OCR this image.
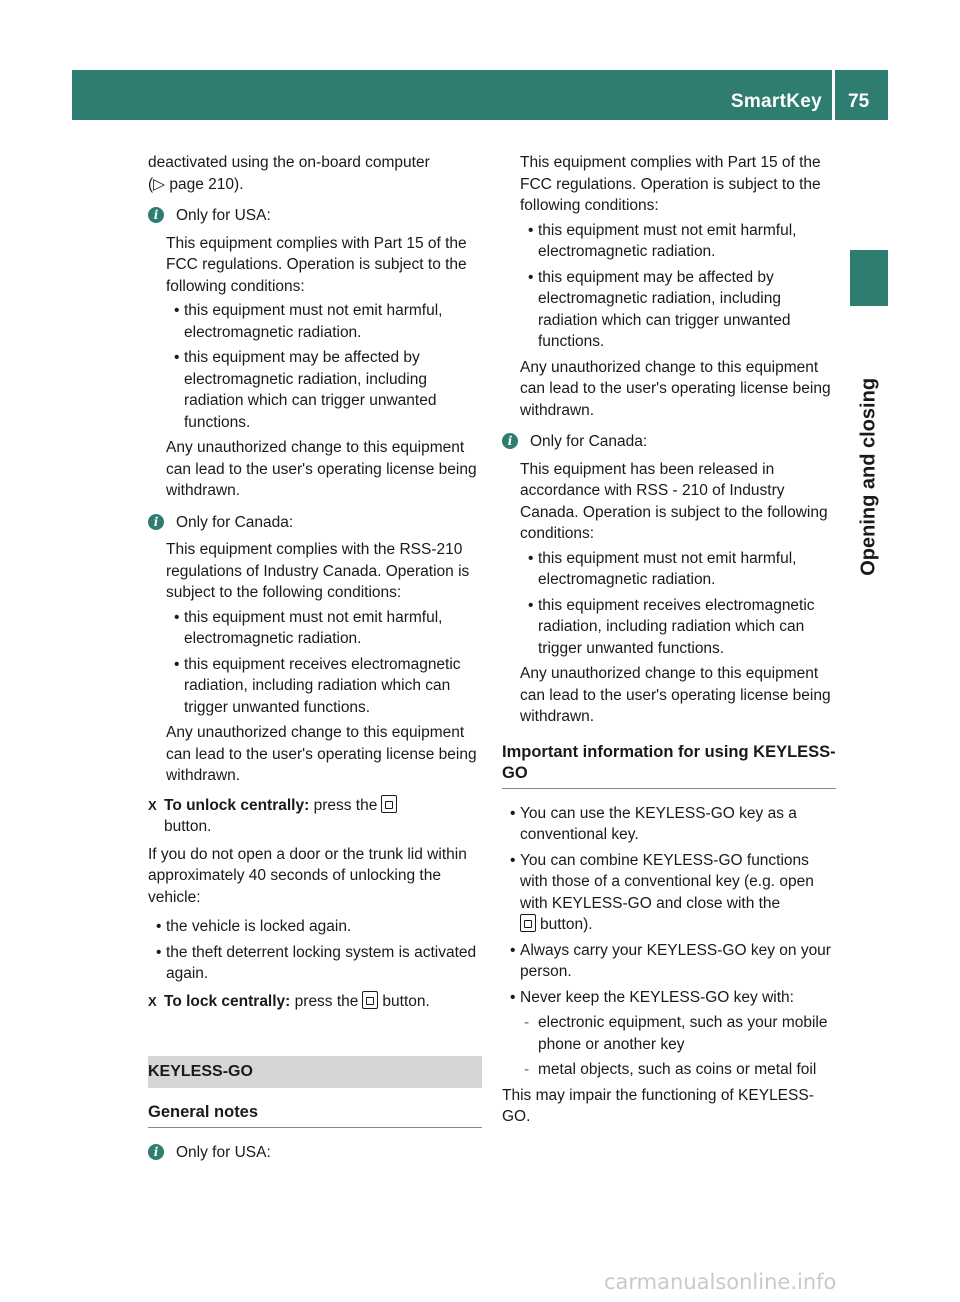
SmartKey 75
Opening and closing

deactivated using the on-board computer
(▷ page 210).

i	Only for USA:

This equipment complies with Part 15 of the FCC regulations. Operation is subject to the following conditions:

• this equipment must not emit harmful, electromagnetic radiation.
• this equipment may be affected by electromagnetic radiation, including radiation which can trigger unwanted functions.

Any unauthorized change to this equipment can lead to the user's operating license being withdrawn.

i	Only for Canada:

This equipment complies with the RSS-210 regulations of Industry Canada. Operation is subject to the following conditions:

• this equipment must not emit harmful, electromagnetic radiation.
• this equipment receives electromagnetic radiation, including radiation which can trigger unwanted functions.

Any unauthorized change to this equipment can lead to the user's operating license being withdrawn.

X To unlock centrally: press the
button.

If you do not open a door or the trunk lid within approximately 40 seconds of unlocking the vehicle:

• the vehicle is locked again.
• the theft deterrent locking system is activated again.
X To lock centrally: press the button.
KEYLESS-GO
General notes
i	Only for USA:

This equipment complies with Part 15 of the FCC regulations. Operation is subject to the following conditions:

• this equipment must not emit harmful, electromagnetic radiation.
• this equipment may be affected by electromagnetic radiation, including radiation which can trigger unwanted functions.

Any unauthorized change to this equipment can lead to the user's operating license being withdrawn.

i	Only for Canada:

This equipment has been released in accordance with RSS - 210 of Industry Canada. Operation is subject to the following conditions:

• this equipment must not emit harmful, electromagnetic radiation.
• this equipment receives electromagnetic radiation, including radiation which can trigger unwanted functions.

Any unauthorized change to this equipment can lead to the user's operating license being withdrawn.

Important information for using KEYLESS-GO
• You can use the KEYLESS-GO key as a conventional key.
• You can combine KEYLESS-GO functions with those of a conventional key (e.g. open with KEYLESS-GO and close with the
button).
• Always carry your KEYLESS-GO key on your person.
• Never keep the KEYLESS-GO key with:
- electronic equipment, such as your mobile phone or another key
- metal objects, such as coins or metal foil

This may impair the functioning of KEYLESS-GO.

carmanualsonline.info
